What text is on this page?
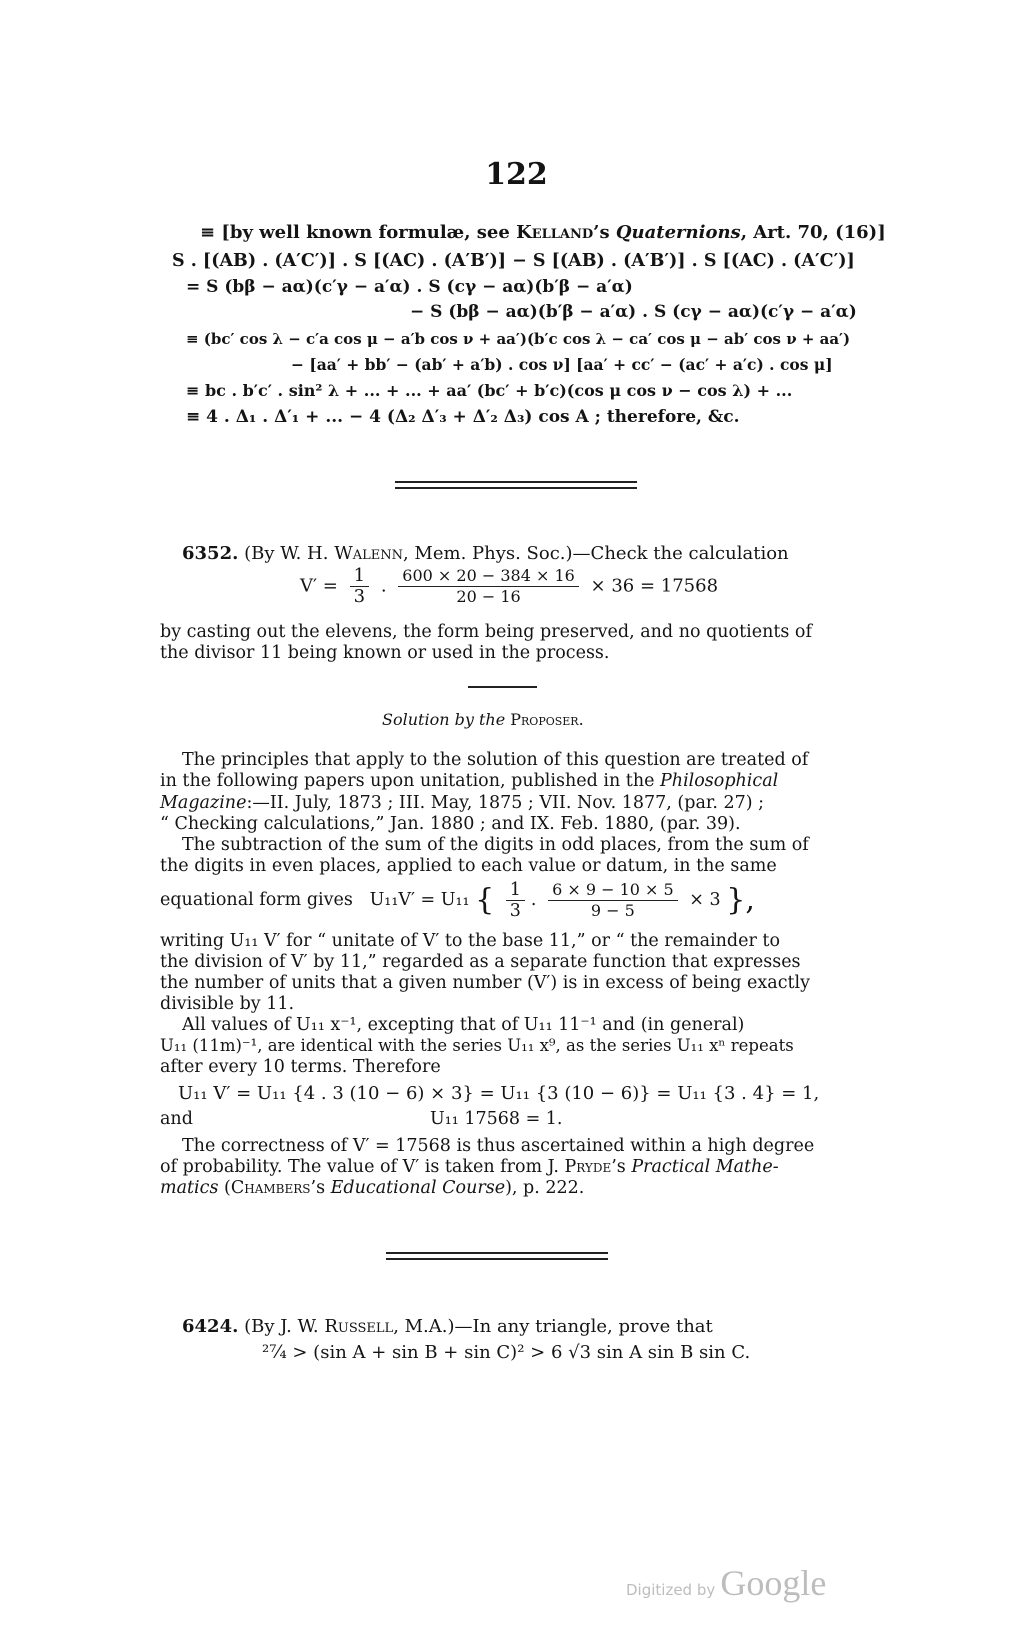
122
≡ [by well known formulæ, see Kelland’s Quaternions, Art. 70, (16)]
S . [(AB) . (A′C′)] . S [(AC) . (A′B′)] − S [(AB) . (A′B′)] . S [(AC) . (A′C′)]
= S (bβ − aα)(c′γ − a′α) . S (cγ − aα)(b′β − a′α)
− S (bβ − aα)(b′β − a′α) . S (cγ − aα)(c′γ − a′α)
≡ (bc′ cos λ − c′a cos μ − a′b cos ν + aa′)(b′c cos λ − ca′ cos μ − ab′ cos ν + aa′)
− [aa′ + bb′ − (ab′ + a′b) . cos ν] [aa′ + cc′ − (ac′ + a′c) . cos μ]
≡ bc . b′c′ . sin² λ + ... + ... + aa′ (bc′ + b′c)(cos μ cos ν − cos λ) + ...
≡ 4 . Δ₁ . Δ′₁ + ... − 4 (Δ₂ Δ′₃ + Δ′₂ Δ₃) cos A ; therefore, &c.
6352. (By W. H. Walenn, Mem. Phys. Soc.)—Check the calculation
$V' = \frac{1}{3}$ . $\frac{600 \times 20 - 384 \times 16}{20 - 16} \times 36 = 17568$
by casting out the elevens, the form being preserved, and no quotients of
the divisor 11 being known or used in the process.
Solution by the Proposer.
The principles that apply to the solution of this question are treated of
in the following papers upon unitation, published in the Philosophical
Magazine:—II. July, 1873 ; III. May, 1875 ; VII. Nov. 1877, (par. 27) ;
“ Checking calculations,” Jan. 1880 ; and IX. Feb. 1880, (par. 39).
The subtraction of the sum of the digits in odd places, from the sum of
the digits in even places, applied to each value or datum, in the same
equational form gives U₁₁V′ = U₁₁ { $\frac{1}{3}$ . $\frac{6 \times 9 - 10 \times 5}{9 - 5} \times 3$ },
writing U₁₁ V′ for “ unitate of V′ to the base 11,” or “ the remainder to
the division of V′ by 11,” regarded as a separate function that expresses
the number of units that a given number (V′) is in excess of being exactly
divisible by 11.
All values of U₁₁ x⁻¹, excepting that of U₁₁ 11⁻¹ and (in general)
U₁₁ (11m)⁻¹, are identical with the series U₁₁ x⁹, as the series U₁₁ xⁿ repeats
after every 10 terms. Therefore
U₁₁ V′ = U₁₁ {4 . 3 (10 − 6) × 3} = U₁₁ {3 (10 − 6)} = U₁₁ {3 . 4} = 1,
and	U₁₁ 17568 = 1.
The correctness of V′ = 17568 is thus ascertained within a high degree
of probability. The value of V′ is taken from J. Pryde’s Practical Mathe-
matics (Chambers’s Educational Course), p. 222.
6424. (By J. W. Russell, M.A.)—In any triangle, prove that
²⁷⁄₄ > (sin A + sin B + sin C)² > 6 √3 sin A sin B sin C.
Digitized by Google
